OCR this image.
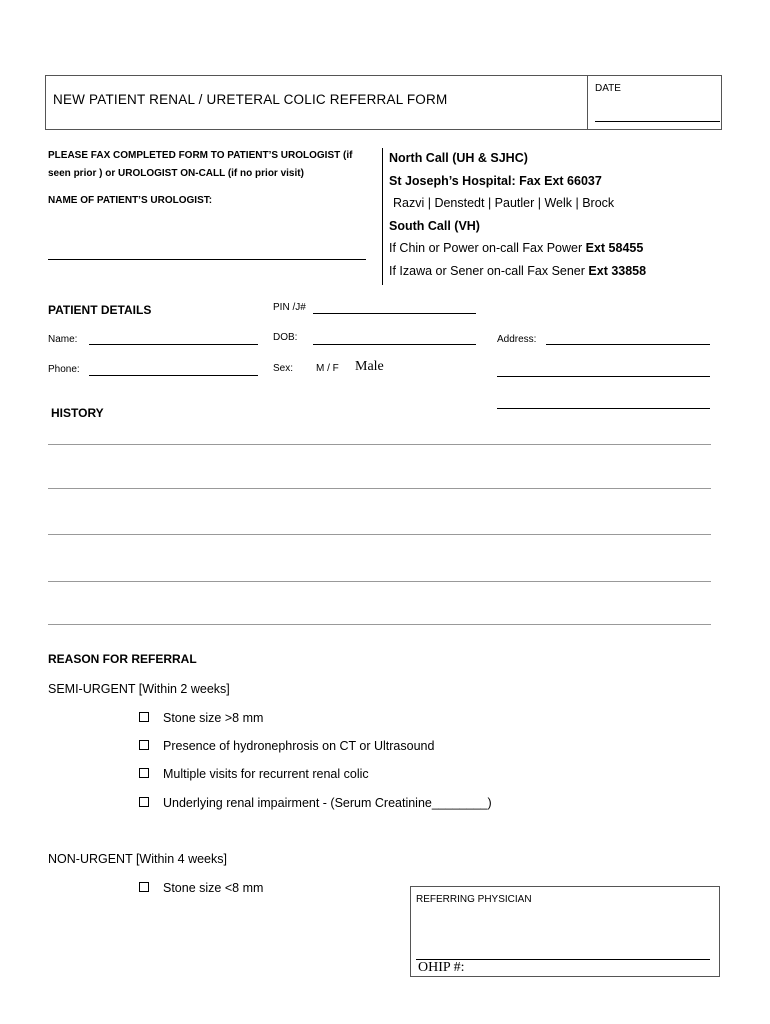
NEW PATIENT RENAL / URETERAL COLIC REFERRAL FORM
DATE
PLEASE FAX COMPLETED FORM TO PATIENT’S UROLOGIST (if
seen prior ) or UROLOGIST ON-CALL (if no prior visit)
NAME OF PATIENT’S UROLOGIST:
North Call (UH & SJHC)
St Joseph’s Hospital: Fax Ext 66037
Razvi | Denstedt | Pautler | Welk | Brock
South Call (VH)
If Chin or Power on-call Fax Power Ext 58455
If Izawa or Sener on-call Fax Sener Ext 33858
PATIENT DETAILS	PIN /J#
Name:	DOB:	Address:
Phone:	Sex: M / F Male
HISTORY
REASON FOR REFERRAL
SEMI-URGENT [Within 2 weeks]
Stone size >8 mm
Presence of hydronephrosis on CT or Ultrasound
Multiple visits for recurrent renal colic
Underlying renal impairment - (Serum Creatinine________)
NON-URGENT [Within 4 weeks]
Stone size <8 mm
REFERRING PHYSICIAN
OHIP #:
